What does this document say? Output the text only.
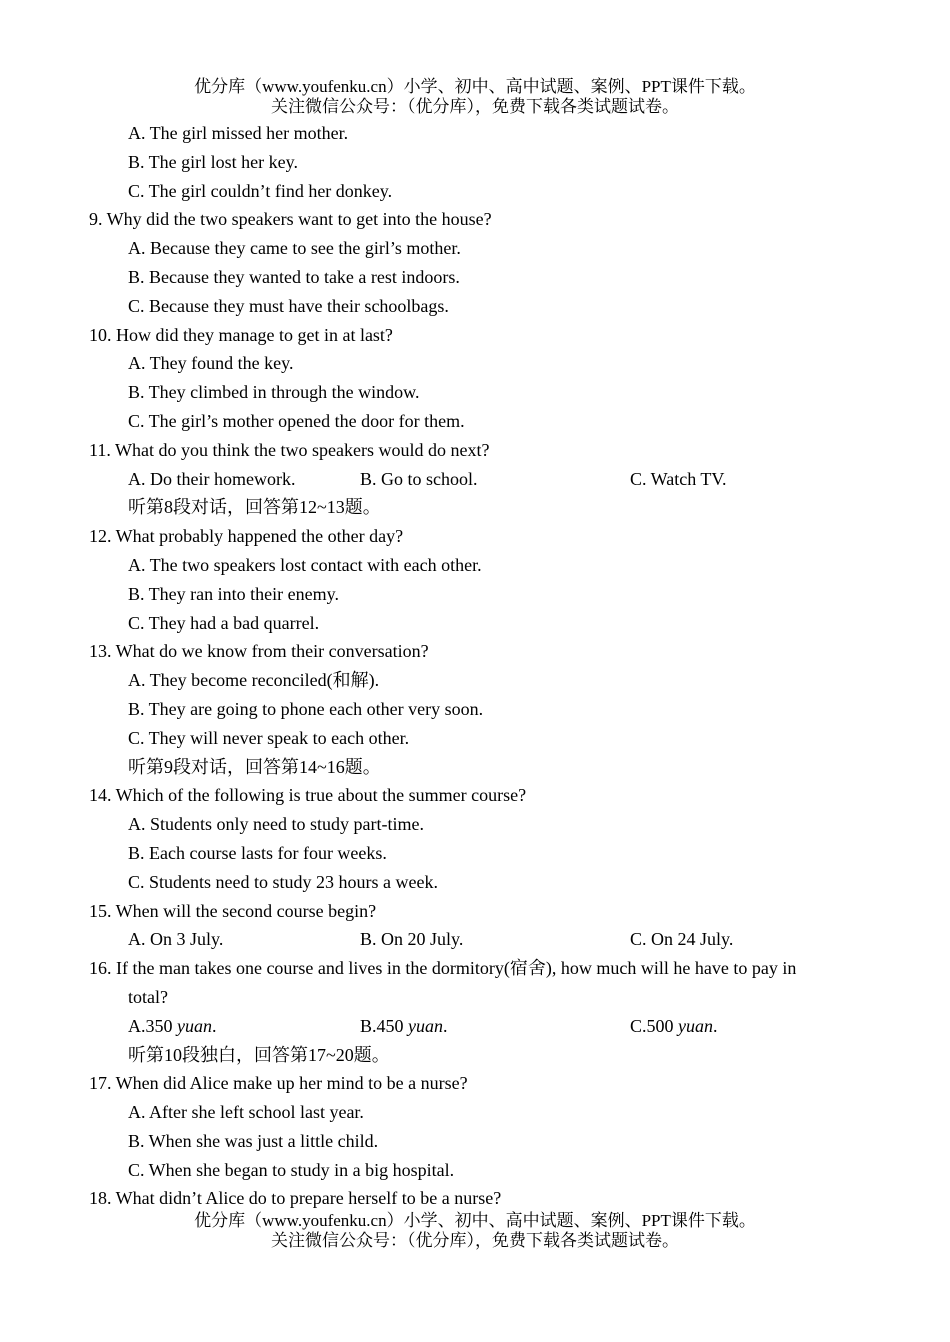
优分库（www.youfenku.cn）小学、初中、高中试题、案例、PPT课件下载。
关注微信公众号：（优分库），免费下载各类试题试卷。
A. The girl missed her mother.
B. The girl lost her key.
C. The girl couldn’t find her donkey.
9. Why did the two speakers want to get into the house?
A. Because they came to see the girl’s mother.
B. Because they wanted to take a rest indoors.
C. Because they must have their schoolbags.
10. How did they manage to get in at last?
A. They found the key.
B. They climbed in through the window.
C. The girl’s mother opened the door for them.
11. What do you think the two speakers would do next?
A. Do their homework.	B. Go to school.	C. Watch TV.
听第8段对话，回答第12~13题。
12. What probably happened the other day?
A. The two speakers lost contact with each other.
B. They ran into their enemy.
C. They had a bad quarrel.
13. What do we know from their conversation?
A. They become reconciled(和解).
B. They are going to phone each other very soon.
C. They will never speak to each other.
听第9段对话，回答第14~16题。
14. Which of the following is true about the summer course?
A. Students only need to study part-time.
B. Each course lasts for four weeks.
C. Students need to study 23 hours a week.
15. When will the second course begin?
A. On 3 July.	B. On 20 July.	C. On 24 July.
16. If the man takes one course and lives in the dormitory(宿舍), how much will he have to pay in
total?
A.350 yuan.	B.450 yuan.	C.500 yuan.
听第10段独白，回答第17~20题。
17. When did Alice make up her mind to be a nurse?
A. After she left school last year.
B. When she was just a little child.
C. When she began to study in a big hospital.
18. What didn’t Alice do to prepare herself to be a nurse?
优分库（www.youfenku.cn）小学、初中、高中试题、案例、PPT课件下载。
关注微信公众号：（优分库），免费下载各类试题试卷。
